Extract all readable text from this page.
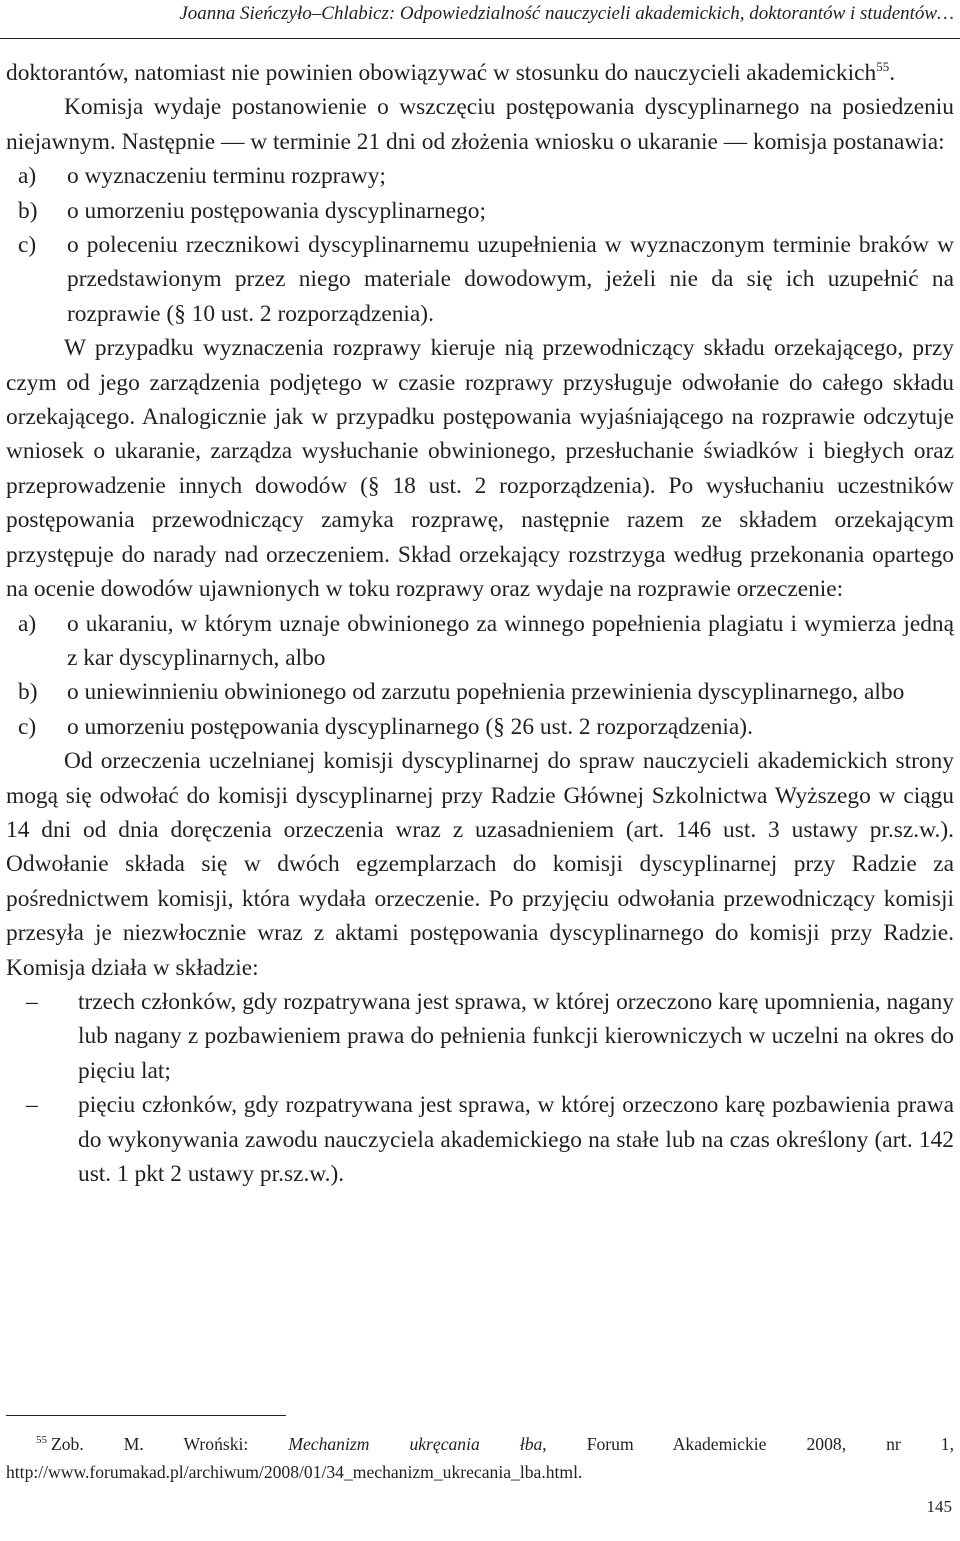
Joanna Sieńczyło–Chlabicz: Odpowiedzialność nauczycieli akademickich, doktorantów i studentów…

doktorantów, natomiast nie powinien obowiązywać w stosunku do nauczycieli akademickich$^{55}$.

Komisja wydaje postanowienie o wszczęciu postępowania dyscyplinarnego na posiedzeniu niejawnym. Następnie — w terminie 21 dni od złożenia wniosku o ukaranie — komisja postanawia:

a)	o wyznaczeniu terminu rozprawy;
b)	o umorzeniu postępowania dyscyplinarnego;
c)	o poleceniu rzecznikowi dyscyplinarnemu uzupełnienia w wyznaczonym terminie braków w przedstawionym przez niego materiale dowodowym, jeżeli nie da się ich uzupełnić na rozprawie (§ 10 ust. 2 rozporządzenia).

W przypadku wyznaczenia rozprawy kieruje nią przewodniczący składu orzekającego, przy czym od jego zarządzenia podjętego w czasie rozprawy przysługuje odwołanie do całego składu orzekającego. Analogicznie jak w przypadku postępowania wyjaśniającego na rozprawie odczytuje wniosek o ukaranie, zarządza wysłuchanie obwinionego, przesłuchanie świadków i biegłych oraz przeprowadzenie innych dowodów (§ 18 ust. 2 rozporządzenia). Po wysłuchaniu uczestników postępowania przewodniczący zamyka rozprawę, następnie razem ze składem orzekającym przystępuje do narady nad orzeczeniem. Skład orzekający rozstrzyga według przekonania opartego na ocenie dowodów ujawnionych w toku rozprawy oraz wydaje na rozprawie orzeczenie:

a)	o ukaraniu, w którym uznaje obwinionego za winnego popełnienia plagiatu i wymierza jedną z kar dyscyplinarnych, albo
b)	o uniewinnieniu obwinionego od zarzutu popełnienia przewinienia dyscyplinarnego, albo
c)	o umorzeniu postępowania dyscyplinarnego (§ 26 ust. 2 rozporządzenia).

Od orzeczenia uczelnianej komisji dyscyplinarnej do spraw nauczycieli akademickich strony mogą się odwołać do komisji dyscyplinarnej przy Radzie Głównej Szkolnictwa Wyższego w ciągu 14 dni od dnia doręczenia orzeczenia wraz z uzasadnieniem (art. 146 ust. 3 ustawy pr.sz.w.). Odwołanie składa się w dwóch egzemplarzach do komisji dyscyplinarnej przy Radzie za pośrednictwem komisji, która wydała orzeczenie. Po przyjęciu odwołania przewodniczący komisji przesyła je niezwłocznie wraz z aktami postępowania dyscyplinarnego do komisji przy Radzie. Komisja działa w składzie:

–	trzech członków, gdy rozpatrywana jest sprawa, w której orzeczono karę upomnienia, nagany lub nagany z pozbawieniem prawa do pełnienia funkcji kierowniczych w uczelni na okres do pięciu lat;
–	pięciu członków, gdy rozpatrywana jest sprawa, w której orzeczono karę pozbawienia prawa do wykonywania zawodu nauczyciela akademickiego na stałe lub na czas określony (art. 142 ust. 1 pkt 2 ustawy pr.sz.w.).
$^{55}$ Zob. M. Wroński: Mechanizm ukręcania łba, Forum Akademickie 2008, nr 1, http://www.forumakad.pl/archiwum/2008/01/34_mechanizm_ukrecania_lba.html.
145
